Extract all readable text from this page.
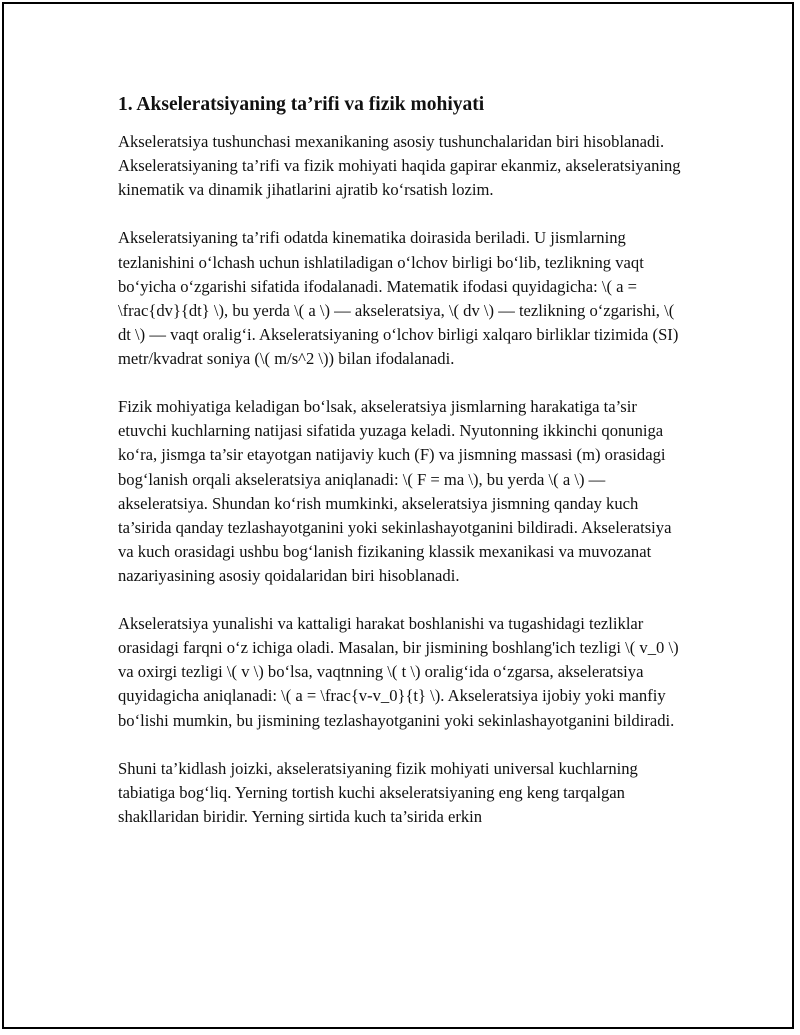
1. Akseleratsiyaning ta’rifi va fizik mohiyati

Akseleratsiya tushunchasi mexanikaning asosiy tushunchalaridan biri hisoblanadi. Akseleratsiyaning ta’rifi va fizik mohiyati haqida gapirar ekanmiz, akseleratsiyaning kinematik va dinamik jihatlarini ajratib koʻrsatish lozim.

Akseleratsiyaning ta’rifi odatda kinematika doirasida beriladi. U jismlarning tezlanishini oʻlchash uchun ishlatiladigan oʻlchov birligi boʻlib, tezlikning vaqt boʻyicha oʻzgarishi sifatida ifodalanadi. Matematik ifodasi quyidagicha: \( a = \frac{dv}{dt} \), bu yerda \( a \) — akseleratsiya, \( dv \) — tezlikning oʻzgarishi, \( dt \) — vaqt oraligʻi. Akseleratsiyaning oʻlchov birligi xalqaro birliklar tizimida (SI) metr/kvadrat soniya (\( m/s^2 \)) bilan ifodalanadi.

Fizik mohiyatiga keladigan boʻlsak, akseleratsiya jismlarning harakatiga ta’sir etuvchi kuchlarning natijasi sifatida yuzaga keladi. Nyutonning ikkinchi qonuniga koʻra, jismga ta’sir etayotgan natijaviy kuch (F) va jismning massasi (m) orasidagi bogʻlanish orqali akseleratsiya aniqlanadi: \( F = ma \), bu yerda \( a \) — akseleratsiya. Shundan koʻrish mumkinki, akseleratsiya jismning qanday kuch ta’sirida qanday tezlashayotganini yoki sekinlashayotganini bildiradi. Akseleratsiya va kuch orasidagi ushbu bogʻlanish fizikaning klassik mexanikasi va muvozanat nazariyasining asosiy qoidalaridan biri hisoblanadi.

Akseleratsiya yunalishi va kattaligi harakat boshlanishi va tugashidagi tezliklar orasidagi farqni oʻz ichiga oladi. Masalan, bir jismining boshlang'ich tezligi \( v_0 \) va oxirgi tezligi \( v \) boʻlsa, vaqtnning \( t \) oraligʻida oʻzgarsa, akseleratsiya quyidagicha aniqlanadi: \( a = \frac{v-v_0}{t} \). Akseleratsiya ijobiy yoki manfiy boʻlishi mumkin, bu jismining tezlashayotganini yoki sekinlashayotganini bildiradi.

Shuni ta’kidlash joizki, akseleratsiyaning fizik mohiyati universal kuchlarning tabiatiga bogʻliq. Yerning tortish kuchi akseleratsiyaning eng keng tarqalgan shakllaridan biridir. Yerning sirtida kuch ta’sirida erkin
